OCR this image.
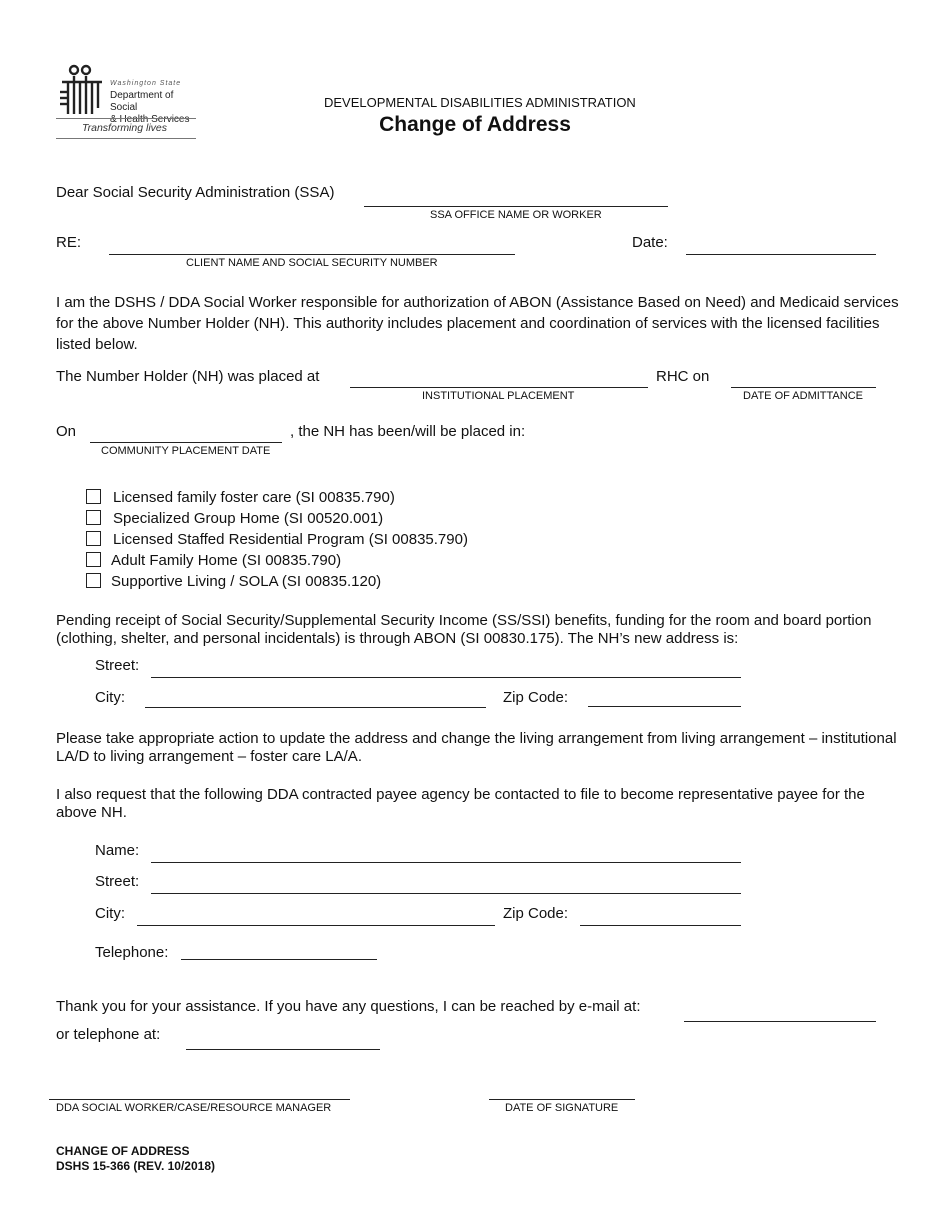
Washington State
Department of Social
& Health Services
Transforming lives
DEVELOPMENTAL DISABILITIES ADMINISTRATION
Change of Address
Dear Social Security Administration (SSA)
SSA OFFICE NAME OR WORKER
RE:
CLIENT NAME AND SOCIAL SECURITY NUMBER
Date:
I am the DSHS / DDA Social Worker responsible for authorization of ABON (Assistance Based on Need) and Medicaid services for the above Number Holder (NH). This authority includes placement and coordination of services with the licensed facilities listed below.
The Number Holder (NH) was placed at
INSTITUTIONAL PLACEMENT
RHC on
DATE OF ADMITTANCE
On	, the NH has been/will be placed in:
COMMUNITY PLACEMENT DATE
Licensed family foster care (SI 00835.790)
Specialized Group Home (SI 00520.001)
Licensed Staffed Residential Program (SI 00835.790)
Adult Family Home (SI 00835.790)
Supportive Living / SOLA (SI 00835.120)
Pending receipt of Social Security/Supplemental Security Income (SS/SSI) benefits, funding for the room and board portion (clothing, shelter, and personal incidentals) is through ABON (SI 00830.175). The NH’s new address is:
Street:
City:	Zip Code:
Please take appropriate action to update the address and change the living arrangement from living arrangement – institutional LA/D to living arrangement – foster care LA/A.
I also request that the following DDA contracted payee agency be contacted to file to become representative payee for the above NH.
Name:
Street:
City:	Zip Code:
Telephone:
Thank you for your assistance. If you have any questions, I can be reached by e-mail at:
or telephone at:
DDA SOCIAL WORKER/CASE/RESOURCE MANAGER	DATE OF SIGNATURE
CHANGE OF ADDRESS
DSHS 15-366 (REV. 10/2018)
